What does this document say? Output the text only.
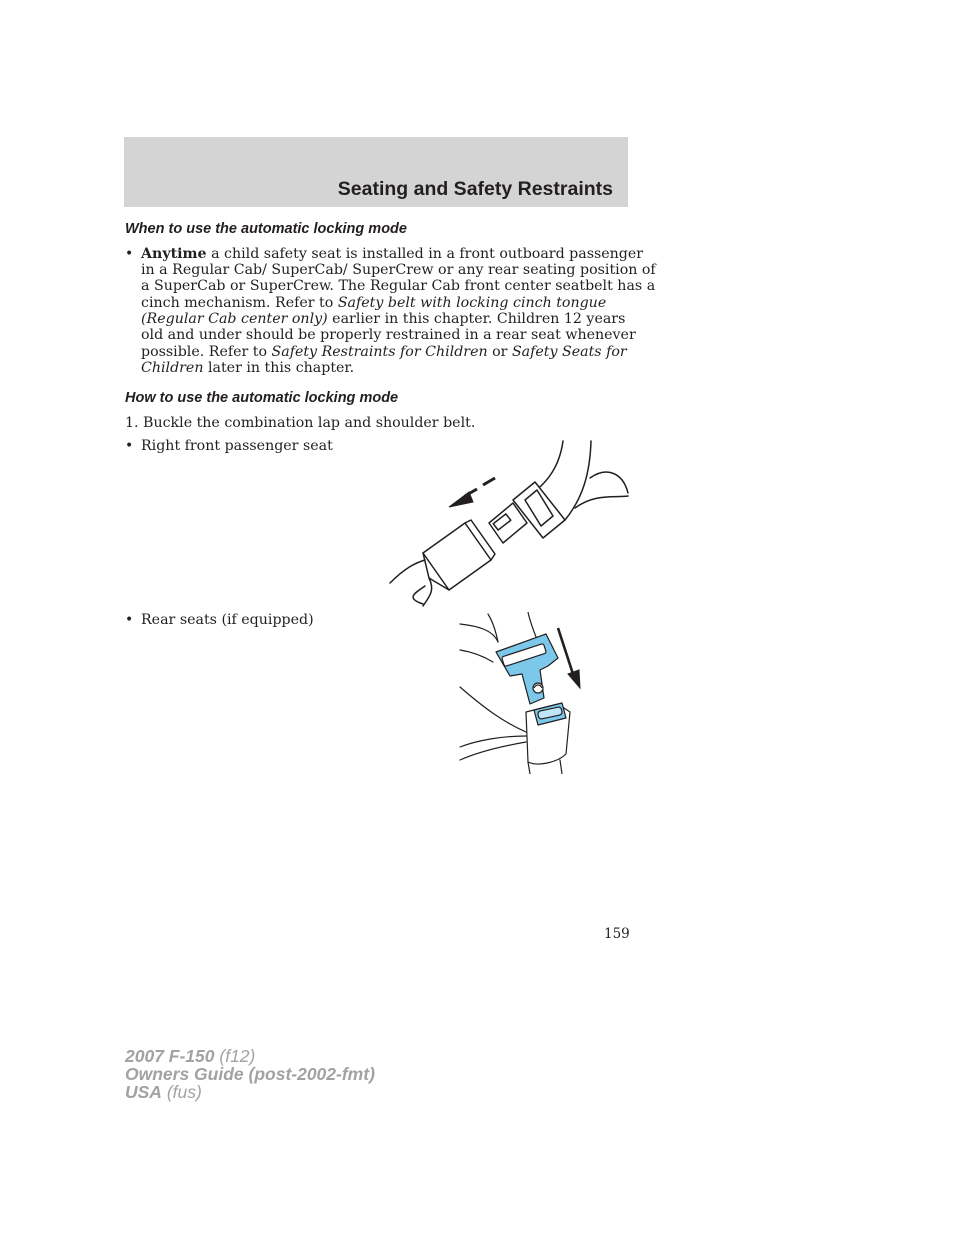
Seating and Safety Restraints
When to use the automatic locking mode
• Anytime a child safety seat is installed in a front outboard passenger
in a Regular Cab/ SuperCab/ SuperCrew or any rear seating position of
a SuperCab or SuperCrew. The Regular Cab front center seatbelt has a
cinch mechanism. Refer to Safety belt with locking cinch tongue
(Regular Cab center only) earlier in this chapter. Children 12 years
old and under should be properly restrained in a rear seat whenever
possible. Refer to Safety Restraints for Children or Safety Seats for
Children later in this chapter.
How to use the automatic locking mode
1. Buckle the combination lap and shoulder belt.
• Right front passenger seat
• Rear seats (if equipped)
159
2007 F-150 (f12)
Owners Guide (post-2002-fmt)
USA (fus)
